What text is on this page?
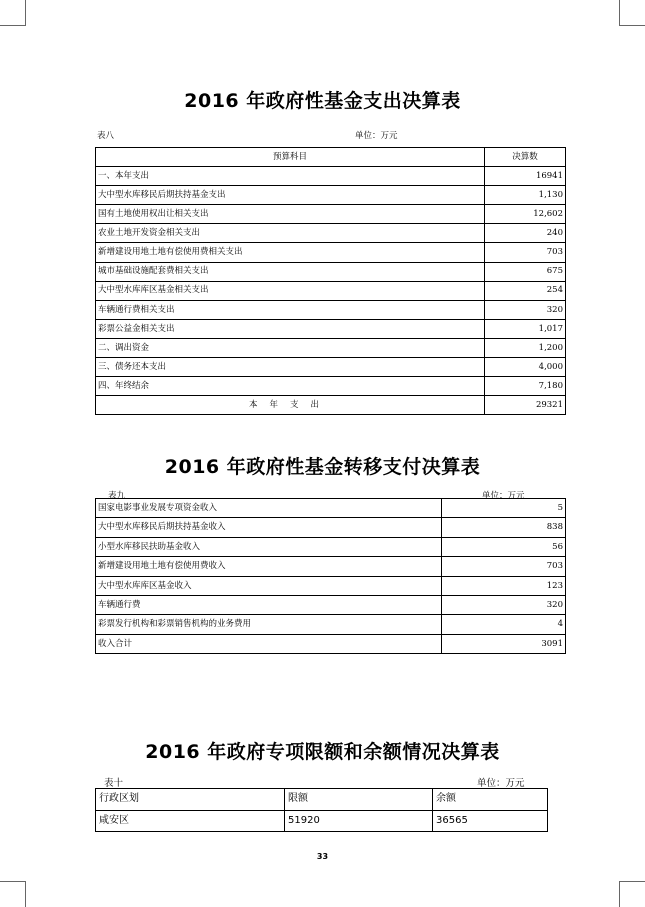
2016 年政府性基金支出决算表
表八	单位：万元
预算科目	决算数
一、本年支出	16941
大中型水库移民后期扶持基金支出	1,130
国有土地使用权出让相关支出	12,602
农业土地开发资金相关支出	240
新增建设用地土地有偿使用费相关支出	703
城市基础设施配套费相关支出	675
大中型水库库区基金相关支出	254
车辆通行费相关支出	320
彩票公益金相关支出	1,017
二、调出资金	1,200
三、债务还本支出	4,000
四、年终结余	7,180
本年支出	29321
2016 年政府性基金转移支付决算表
表九	单位：万元
国家电影事业发展专项资金收入	5
大中型水库移民后期扶持基金收入	838
小型水库移民扶助基金收入	56
新增建设用地土地有偿使用费收入	703
大中型水库库区基金收入	123
车辆通行费	320
彩票发行机构和彩票销售机构的业务费用	4
收入合计	3091
2016 年政府专项限额和余额情况决算表
表十	单位：万元
行政区划	限额	余额
咸安区	51920	36565
33
